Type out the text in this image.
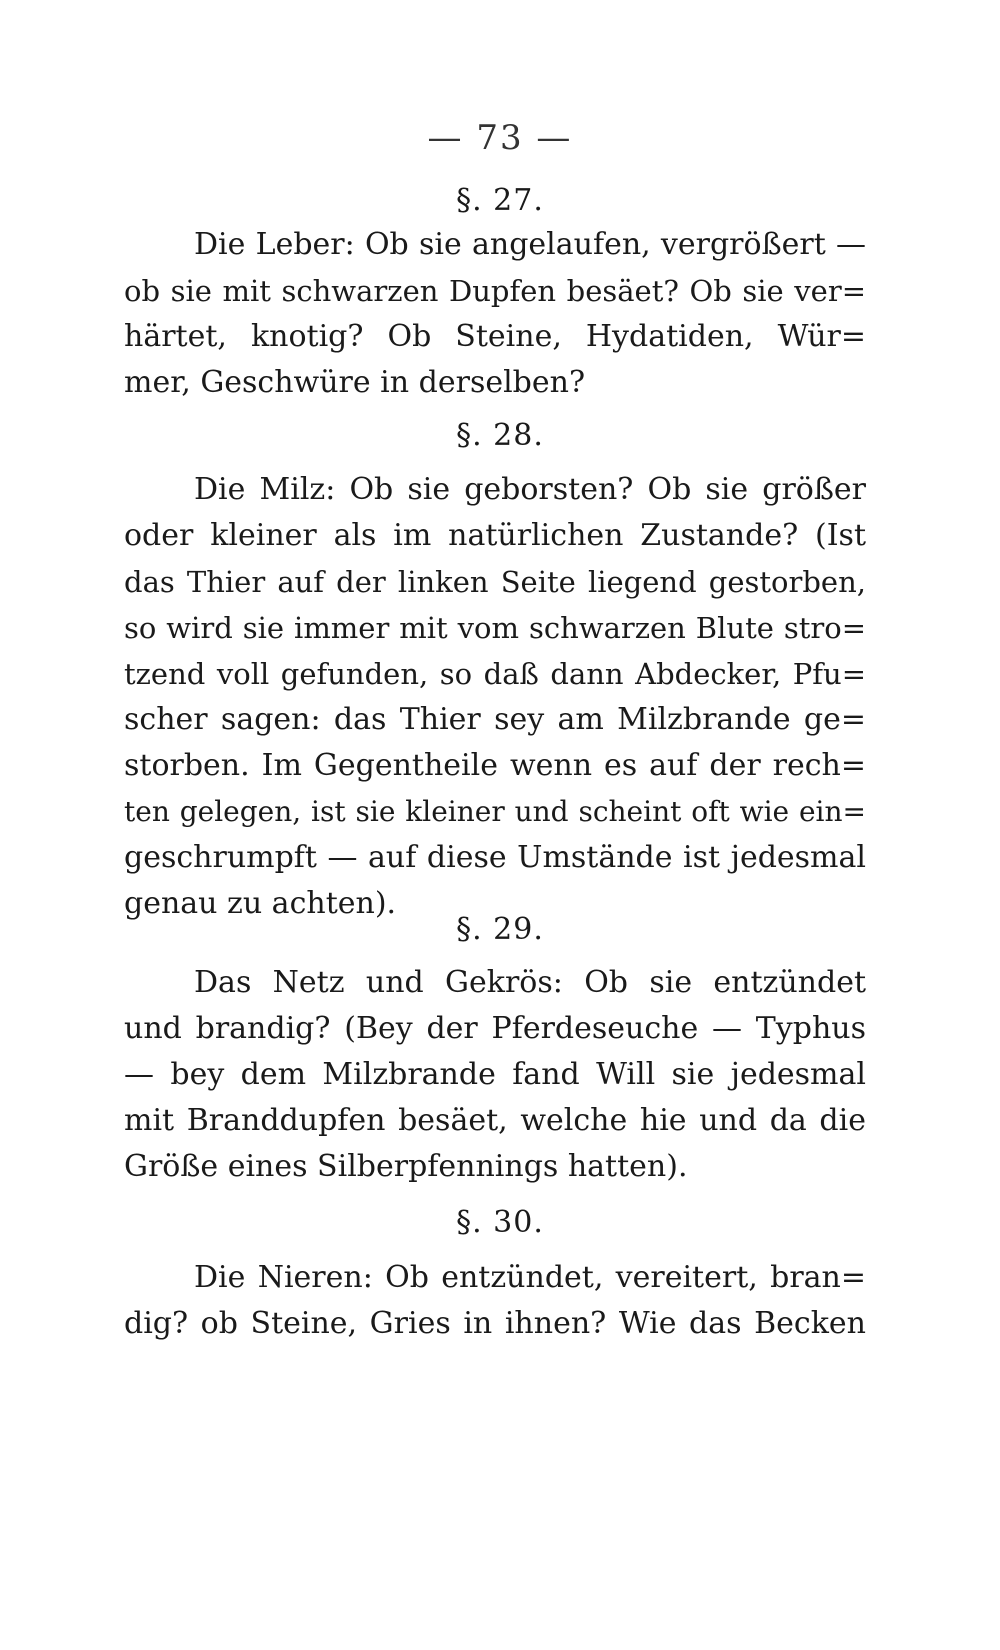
— 73 —
§. 27.
Die Leber: Ob sie angelaufen, vergrößert —
ob sie mit schwarzen Dupfen besäet? Ob sie ver=
härtet, knotig? Ob Steine, Hydatiden, Wür=
mer, Geschwüre in derselben?
§. 28.
Die Milz: Ob sie geborsten? Ob sie größer
oder kleiner als im natürlichen Zustande? (Ist
das Thier auf der linken Seite liegend gestorben,
so wird sie immer mit vom schwarzen Blute stro=
tzend voll gefunden, so daß dann Abdecker, Pfu=
scher sagen: das Thier sey am Milzbrande ge=
storben. Im Gegentheile wenn es auf der rech=
ten gelegen, ist sie kleiner und scheint oft wie ein=
geschrumpft — auf diese Umstände ist jedesmal
genau zu achten).
§. 29.
Das Netz und Gekrös: Ob sie entzündet
und brandig? (Bey der Pferdeseuche — Typhus
— bey dem Milzbrande fand Will sie jedesmal
mit Branddupfen besäet, welche hie und da die
Größe eines Silberpfennings hatten).
§. 30.
Die Nieren: Ob entzündet, vereitert, bran=
dig? ob Steine, Gries in ihnen? Wie das Becken
